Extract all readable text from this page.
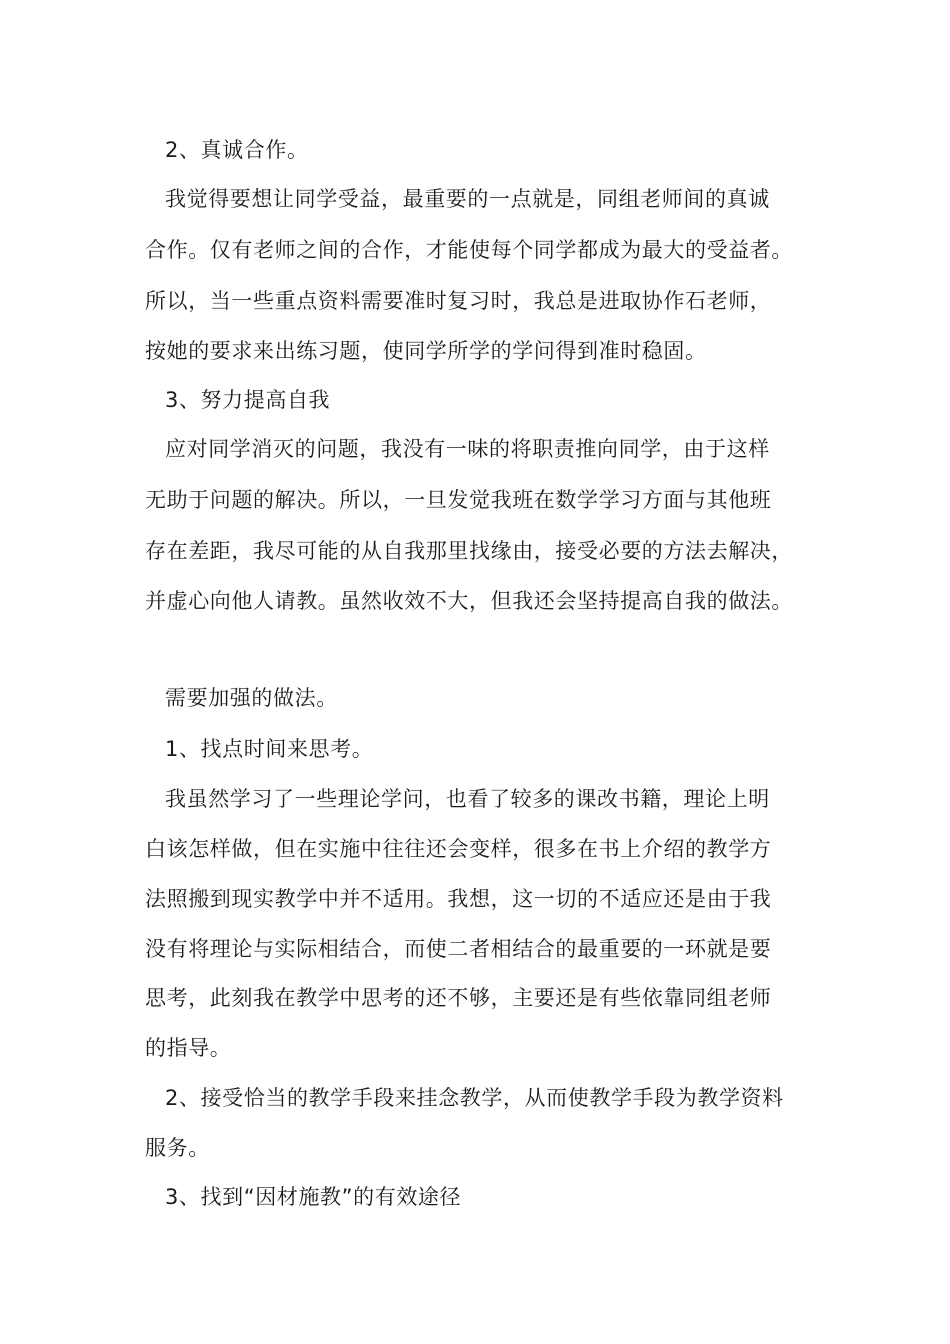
2、真诚合作。
我觉得要想让同学受益，最重要的一点就是，同组老师间的真诚
合作。仅有老师之间的合作，才能使每个同学都成为最大的受益者。
所以，当一些重点资料需要准时复习时，我总是进取协作石老师，
按她的要求来出练习题，使同学所学的学问得到准时稳固。
3、努力提高自我
应对同学消灭的问题，我没有一味的将职责推向同学，由于这样
无助于问题的解决。所以，一旦发觉我班在数学学习方面与其他班
存在差距，我尽可能的从自我那里找缘由，接受必要的方法去解决，
并虚心向他人请教。虽然收效不大，但我还会坚持提高自我的做法。
需要加强的做法。
1、找点时间来思考。
我虽然学习了一些理论学问，也看了较多的课改书籍，理论上明
白该怎样做，但在实施中往往还会变样，很多在书上介绍的教学方
法照搬到现实教学中并不适用。我想，这一切的不适应还是由于我
没有将理论与实际相结合，而使二者相结合的最重要的一环就是要
思考，此刻我在教学中思考的还不够，主要还是有些依靠同组老师
的指导。
2、接受恰当的教学手段来挂念教学，从而使教学手段为教学资料
服务。
3、找到“因材施教”的有效途径
